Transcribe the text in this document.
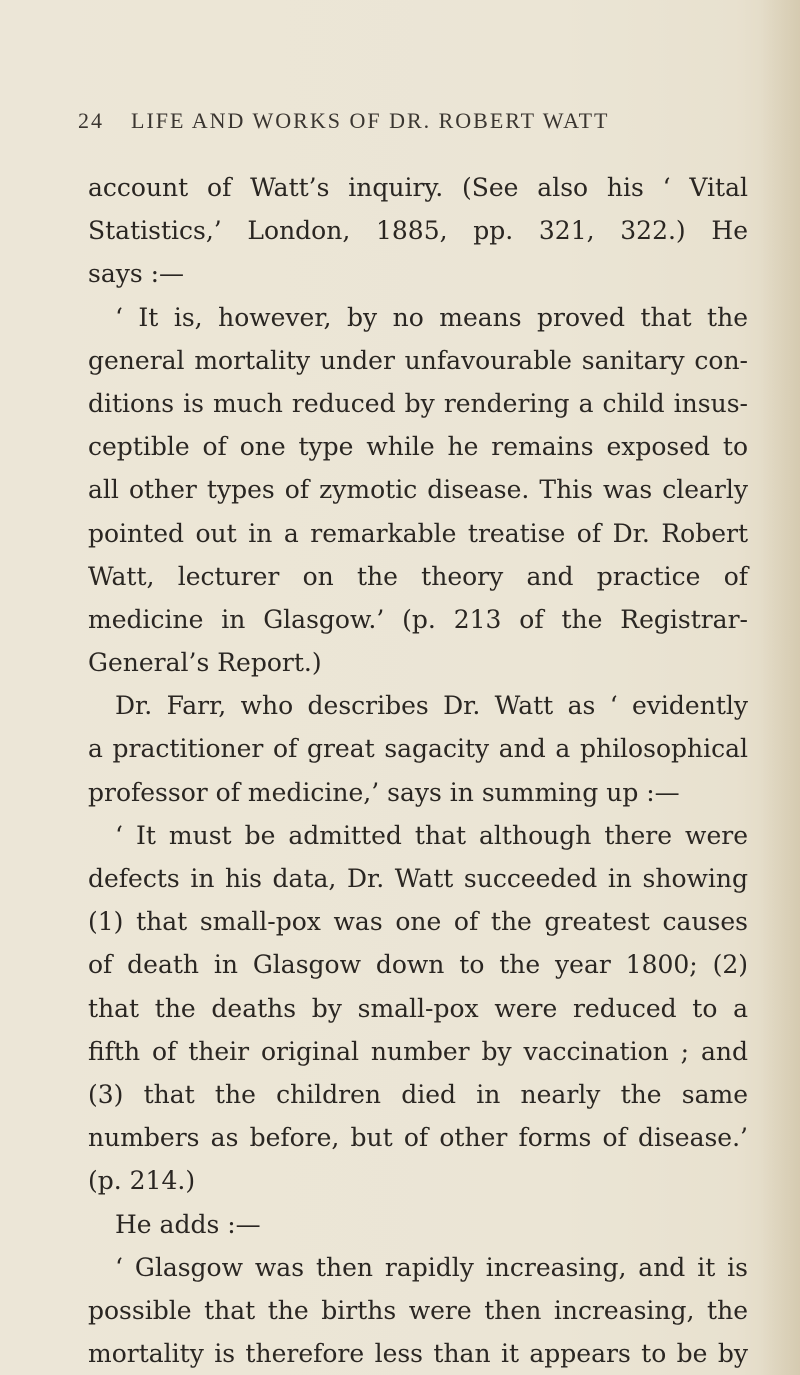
24 LIFE AND WORKS OF DR. ROBERT WATT
account of Watt’s inquiry. (See also his ‘ Vital
Statistics,’ London, 1885, pp. 321, 322.) He
says :—
‘ It is, however, by no means proved that the
general mortality under unfavourable sanitary con-
ditions is much reduced by rendering a child insus-
ceptible of one type while he remains exposed to
all other types of zymotic disease. This was clearly
pointed out in a remarkable treatise of Dr. Robert
Watt, lecturer on the theory and practice of
medicine in Glasgow.’ (p. 213 of the Registrar-
General’s Report.)
Dr. Farr, who describes Dr. Watt as ‘ evidently
a practitioner of great sagacity and a philosophical
professor of medicine,’ says in summing up :—
‘ It must be admitted that although there were
defects in his data, Dr. Watt succeeded in showing
(1) that small-pox was one of the greatest causes
of death in Glasgow down to the year 1800; (2)
that the deaths by small-pox were reduced to a
fifth of their original number by vaccination ; and
(3) that the children died in nearly the same
numbers as before, but of other forms of disease.’
(p. 214.)
He adds :—
‘ Glasgow was then rapidly increasing, and it is
possible that the births were then increasing, the
mortality is therefore less than it appears to be by
